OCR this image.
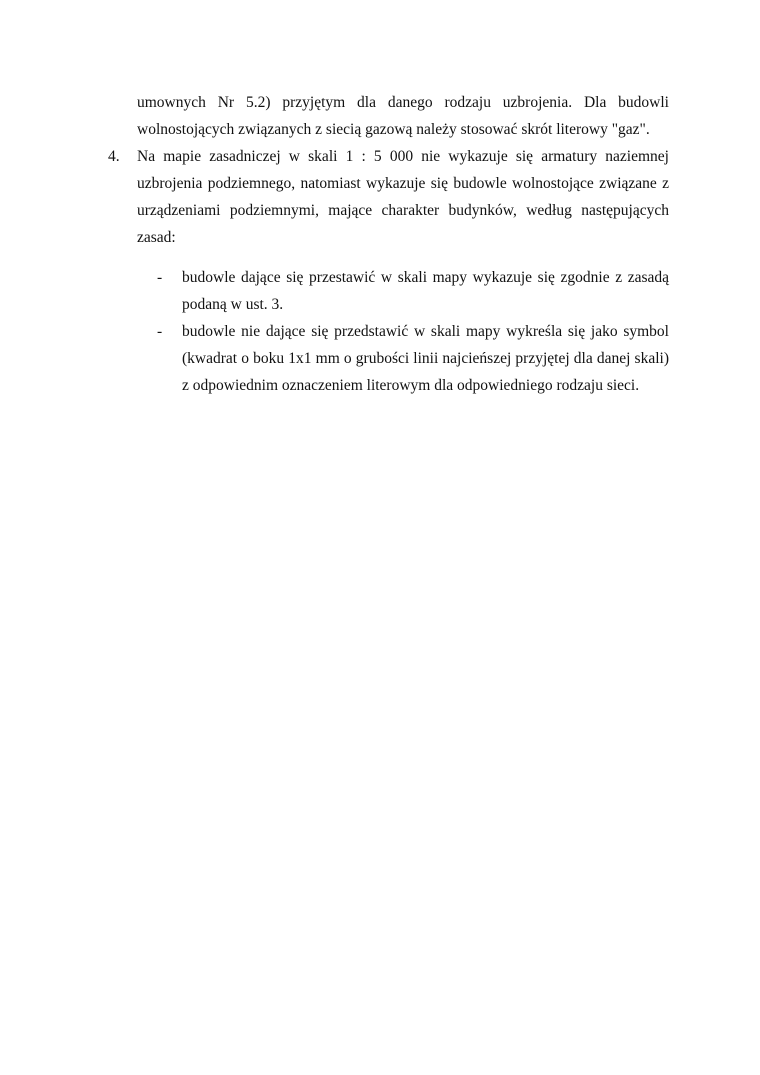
umownych Nr 5.2) przyjętym dla danego rodzaju uzbrojenia. Dla budowli

wolnostojących związanych z siecią gazową należy stosować skrót literowy "gaz".

4.	Na mapie zasadniczej w skali 1 : 5 000 nie wykazuje się armatury naziemnej uzbrojenia podziemnego, natomiast wykazuje się budowle wolnostojące związane z urządzeniami podziemnymi, mające charakter budynków, według następujących zasad:

-	budowle dające się przestawić w skali mapy wykazuje się zgodnie z zasadą podaną w ust. 3.
-	budowle nie dające się przedstawić w skali mapy wykreśla się jako symbol (kwadrat o boku 1x1 mm o grubości linii najcieńszej przyjętej dla danej skali) z odpowiednim oznaczeniem literowym dla odpowiedniego rodzaju sieci.
